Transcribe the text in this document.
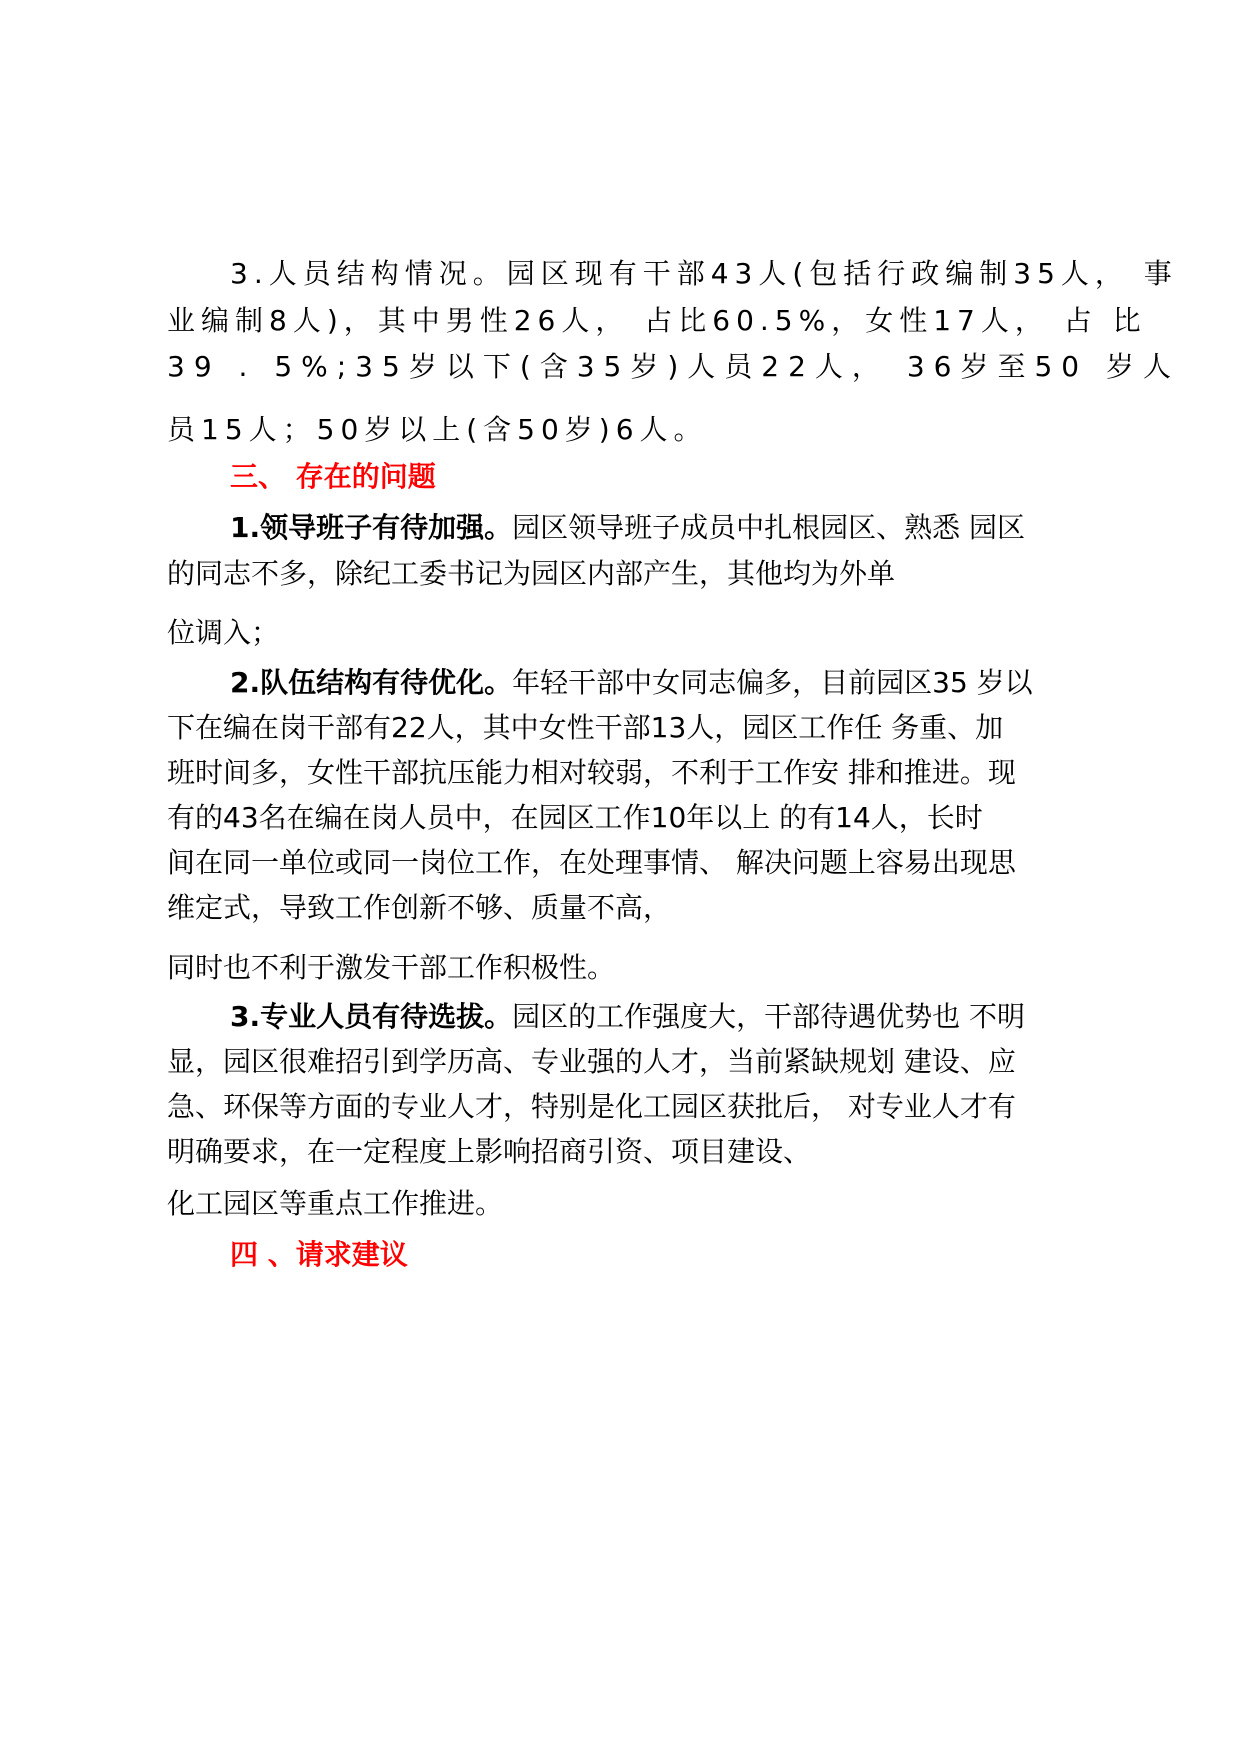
3.人员结构情况。园区现有干部43人(包括行政编制35人， 事
业编制8人)，其中男性26人， 占比60.5%，女性17人， 占 比
39 . 5%;35岁以下(含35岁)人员22人， 36岁至50 岁人
员15人；50岁以上(含50岁)6人。
三、 存在的问题
1.领导班子有待加强。园区领导班子成员中扎根园区、熟悉 园区
的同志不多，除纪工委书记为园区内部产生，其他均为外单
位调入；
2.队伍结构有待优化。年轻干部中女同志偏多，目前园区35 岁以
下在编在岗干部有22人，其中女性干部13人，园区工作任 务重、加
班时间多，女性干部抗压能力相对较弱，不利于工作安 排和推进。现
有的43名在编在岗人员中，在园区工作10年以上 的有14人，长时
间在同一单位或同一岗位工作，在处理事情、 解决问题上容易出现思
维定式，导致工作创新不够、质量不高，
同时也不利于激发干部工作积极性。
3.专业人员有待选拔。园区的工作强度大，干部待遇优势也 不明
显，园区很难招引到学历高、专业强的人才，当前紧缺规划 建设、应
急、环保等方面的专业人才，特别是化工园区获批后， 对专业人才有
明确要求，在一定程度上影响招商引资、项目建设、
化工园区等重点工作推进。
四 、请求建议
